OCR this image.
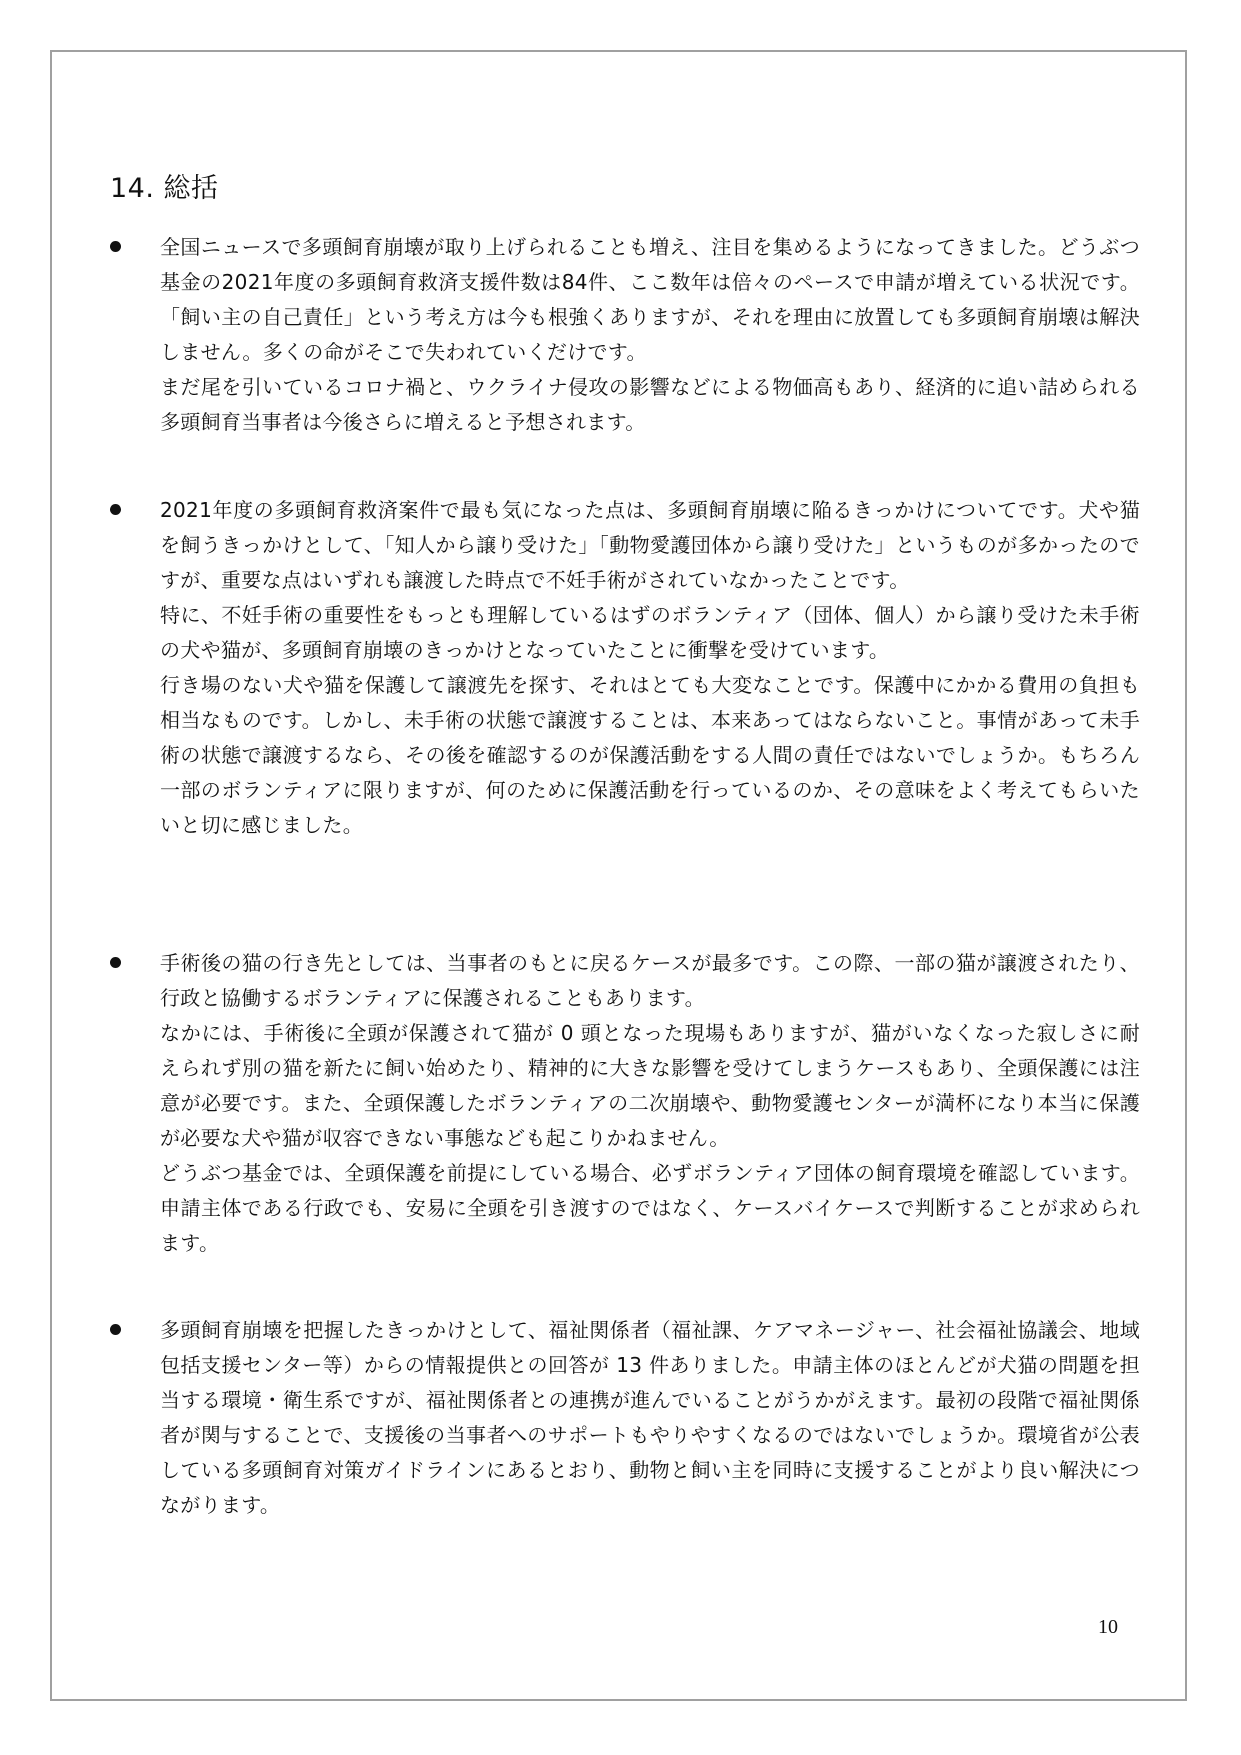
14. 総括

全国ニュースで多頭飼育崩壊が取り上げられることも増え、注目を集めるようになってきました。どうぶつ基金の2021年度の多頭飼育救済支援件数は84件、ここ数年は倍々のペースで申請が増えている状況です。「飼い主の自己責任」という考え方は今も根強くありますが、それを理由に放置しても多頭飼育崩壊は解決しません。多くの命がそこで失われていくだけです。

まだ尾を引いているコロナ禍と、ウクライナ侵攻の影響などによる物価高もあり、経済的に追い詰められる多頭飼育当事者は今後さらに増えると予想されます。

2021年度の多頭飼育救済案件で最も気になった点は、多頭飼育崩壊に陥るきっかけについてです。犬や猫を飼うきっかけとして、「知人から譲り受けた」「動物愛護団体から譲り受けた」というものが多かったのですが、重要な点はいずれも譲渡した時点で不妊手術がされていなかったことです。

特に、不妊手術の重要性をもっとも理解しているはずのボランティア（団体、個人）から譲り受けた未手術の犬や猫が、多頭飼育崩壊のきっかけとなっていたことに衝撃を受けています。

行き場のない犬や猫を保護して譲渡先を探す、それはとても大変なことです。保護中にかかる費用の負担も相当なものです。しかし、未手術の状態で譲渡することは、本来あってはならないこと。事情があって未手術の状態で譲渡するなら、その後を確認するのが保護活動をする人間の責任ではないでしょうか。もちろん一部のボランティアに限りますが、何のために保護活動を行っているのか、その意味をよく考えてもらいたいと切に感じました。

手術後の猫の行き先としては、当事者のもとに戻るケースが最多です。この際、一部の猫が譲渡されたり、行政と協働するボランティアに保護されることもあります。

なかには、手術後に全頭が保護されて猫が 0 頭となった現場もありますが、猫がいなくなった寂しさに耐えられず別の猫を新たに飼い始めたり、精神的に大きな影響を受けてしまうケースもあり、全頭保護には注意が必要です。また、全頭保護したボランティアの二次崩壊や、動物愛護センターが満杯になり本当に保護が必要な犬や猫が収容できない事態なども起こりかねません。

どうぶつ基金では、全頭保護を前提にしている場合、必ずボランティア団体の飼育環境を確認しています。申請主体である行政でも、安易に全頭を引き渡すのではなく、ケースバイケースで判断することが求められます。

多頭飼育崩壊を把握したきっかけとして、福祉関係者（福祉課、ケアマネージャー、社会福祉協議会、地域包括支援センター等）からの情報提供との回答が 13 件ありました。申請主体のほとんどが犬猫の問題を担当する環境・衛生系ですが、福祉関係者との連携が進んでいることがうかがえます。最初の段階で福祉関係者が関与することで、支援後の当事者へのサポートもやりやすくなるのではないでしょうか。環境省が公表している多頭飼育対策ガイドラインにあるとおり、動物と飼い主を同時に支援することがより良い解決につながります。

10
